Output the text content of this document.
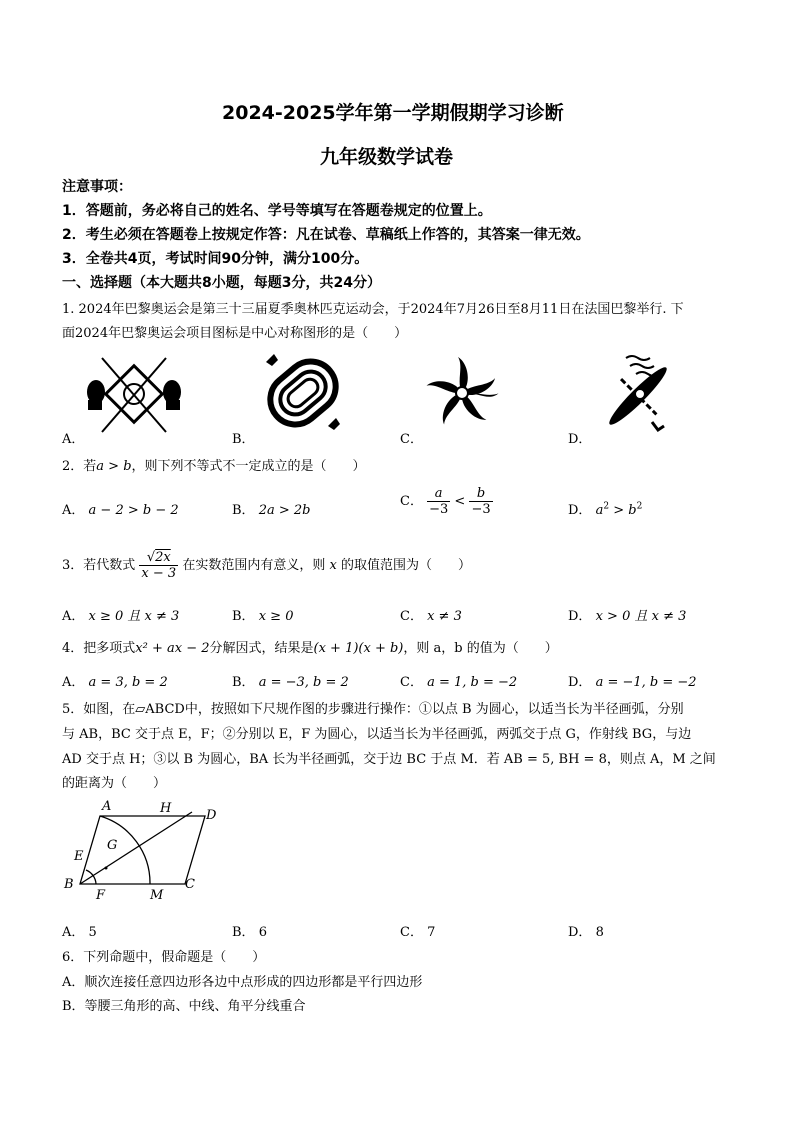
2024-2025学年第一学期假期学习诊断
九年级数学试卷
注意事项：
1．答题前，务必将自己的姓名、学号等填写在答题卷规定的位置上。
2．考生必须在答题卷上按规定作答：凡在试卷、草稿纸上作答的，其答案一律无效。
3．全卷共4页，考试时间90分钟，满分100分。
一、选择题（本大题共8小题，每题3分，共24分）
1. 2024年巴黎奥运会是第三十三届夏季奥林匹克运动会，于2024年7月26日至8月11日在法国巴黎举行. 下
面2024年巴黎奥运会项目图标是中心对称图形的是（　　）
A．	B．	C．	D．
2．若a > b，则下列不等式不一定成立的是（　　）
A． a − 2 > b − 2	B． 2a > 2b
C． $\frac{a}{-3} < \frac{b}{-3}$	D． $a^2 > b^2$
3．若代数式 $\frac{√2x}{x - 3}$ 在实数范围内有意义，则 x 的取值范围为（　　）
A． x ≥ 0 且 x ≠ 3	B． x ≥ 0	C． x ≠ 3	D． x > 0 且 x ≠ 3
4．把多项式x² + ax − 2分解因式，结果是(x + 1)(x + b)，则 a，b 的值为（　　）
A． a = 3, b = 2	B． a = −3, b = 2	C． a = 1, b = −2	D． a = −1, b = −2
5．如图，在▱ABCD中，按照如下尺规作图的步骤进行操作：①以点 B 为圆心，以适当长为半径画弧，分别
与 AB，BC 交于点 E，F；②分别以 E，F 为圆心，以适当长为半径画弧，两弧交于点 G，作射线 BG，与边
AD 交于点 H；③以 B 为圆心，BA 长为半径画弧，交于边 BC 于点 M．若 AB = 5, BH = 8，则点 A，M 之间
的距离为（　　）
A	H	D
G
E
B
F	M
C
A． 5	B． 6	C． 7	D． 8
6．下列命题中，假命题是（　　）
A．顺次连接任意四边形各边中点形成的四边形都是平行四边形
B．等腰三角形的高、中线、角平分线重合
